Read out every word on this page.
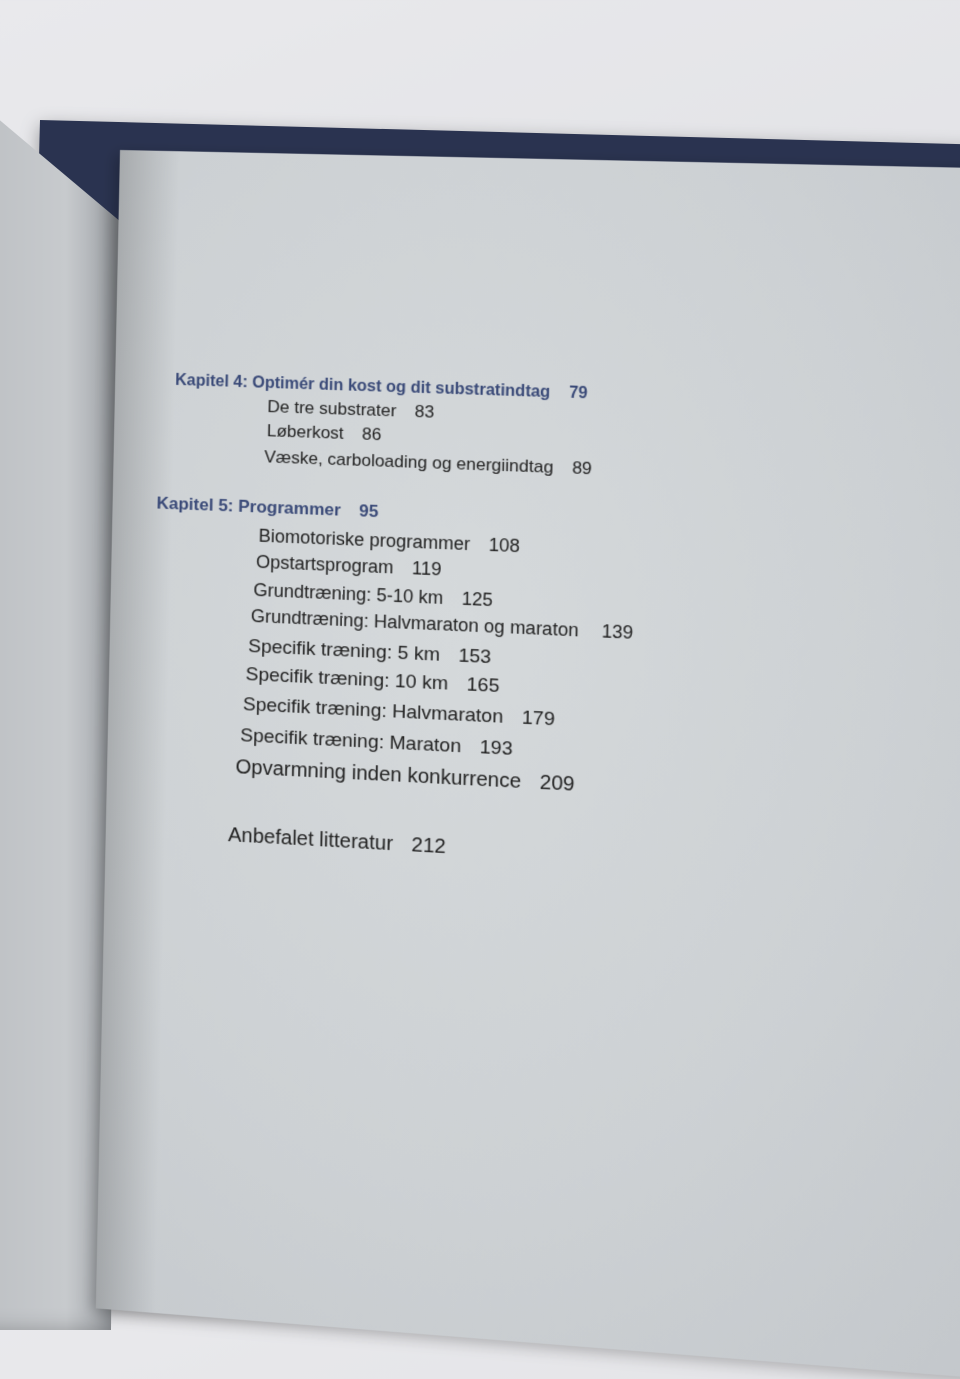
Kapitel 4: Optimér din kost og dit substratindtag 79
De tre substrater 83
Løberkost 86
Væske, carboloading og energiindtag 89
Kapitel 5: Programmer 95
Biomotoriske programmer 108
Opstartsprogram 119
Grundtræning: 5-10 km 125
Grundtræning: Halvmaraton og maraton 139
Specifik træning: 5 km 153
Specifik træning: 10 km 165
Specifik træning: Halvmaraton 179
Specifik træning: Maraton 193
Opvarmning inden konkurrence 209
Anbefalet litteratur 212
